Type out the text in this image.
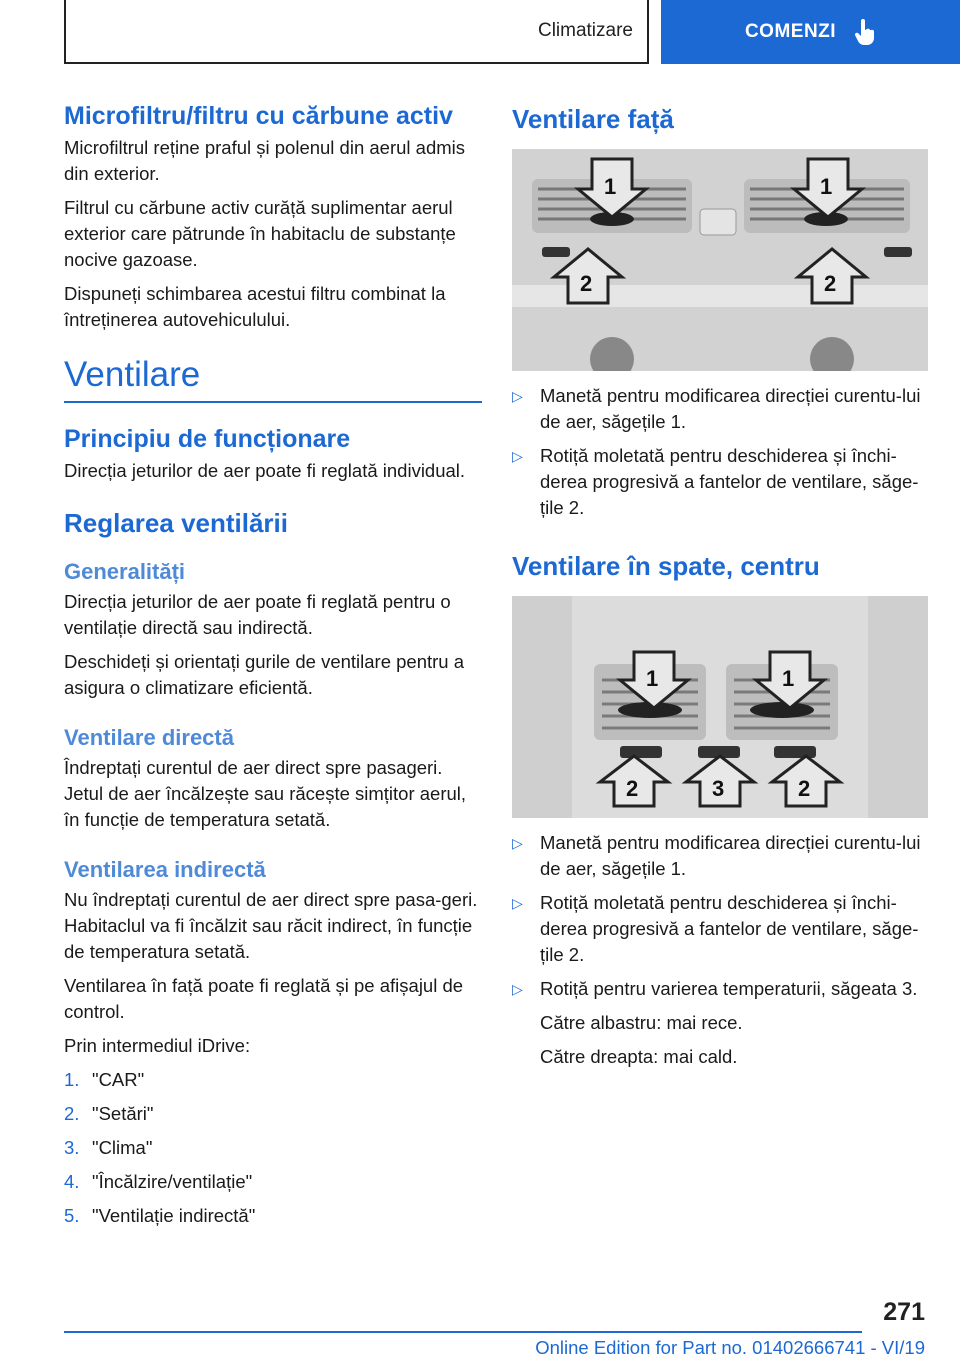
Climatizare	COMENZI
Microfiltru/filtru cu cărbune activ

Microfiltrul reține praful și polenul din aerul admis din exterior.

Filtrul cu cărbune activ curăță suplimentar aerul exterior care pătrunde în habitaclu de substanțe nocive gazoase.

Dispuneți schimbarea acestui filtru combinat la întreținerea autovehiculului.

Ventilare
Principiu de funcționare

Direcția jeturilor de aer poate fi reglată individual.

Reglarea ventilării
Generalități

Direcția jeturilor de aer poate fi reglată pentru o ventilație directă sau indirectă.

Deschideți și orientați gurile de ventilare pentru a asigura o climatizare eficientă.

Ventilare directă

Îndreptați curentul de aer direct spre pasageri. Jetul de aer încălzește sau răcește simțitor aerul, în funcție de temperatura setată.

Ventilarea indirectă

Nu îndreptați curentul de aer direct spre pasa‐geri. Habitaclul va fi încălzit sau răcit indirect, în funcție de temperatura setată.

Ventilarea în față poate fi reglată și pe afișajul de control.

Prin intermediul iDrive:

1. "CAR"
2. "Setări"
3. "Clima"
4. "Încălzire/ventilație"
5. "Ventilație indirectă"
Ventilare față
1	1
2	2
▷ Manetă pentru modificarea direcției curentu‐lui de aer, săgețile 1.
▷ Rotiță moletată pentru deschiderea și închi‐derea progresivă a fantelor de ventilare, săge‐țile 2.
Ventilare în spate, centru
1	1
2	3	2
▷ Manetă pentru modificarea direcției curentu‐lui de aer, săgețile 1.
▷ Rotiță moletată pentru deschiderea și închi‐derea progresivă a fantelor de ventilare, săge‐țile 2.
▷ Rotiță pentru varierea temperaturii, săgeata 3.

Către albastru: mai rece.

Către dreapta: mai cald.

271
Online Edition for Part no. 01402666741 - VI/19
